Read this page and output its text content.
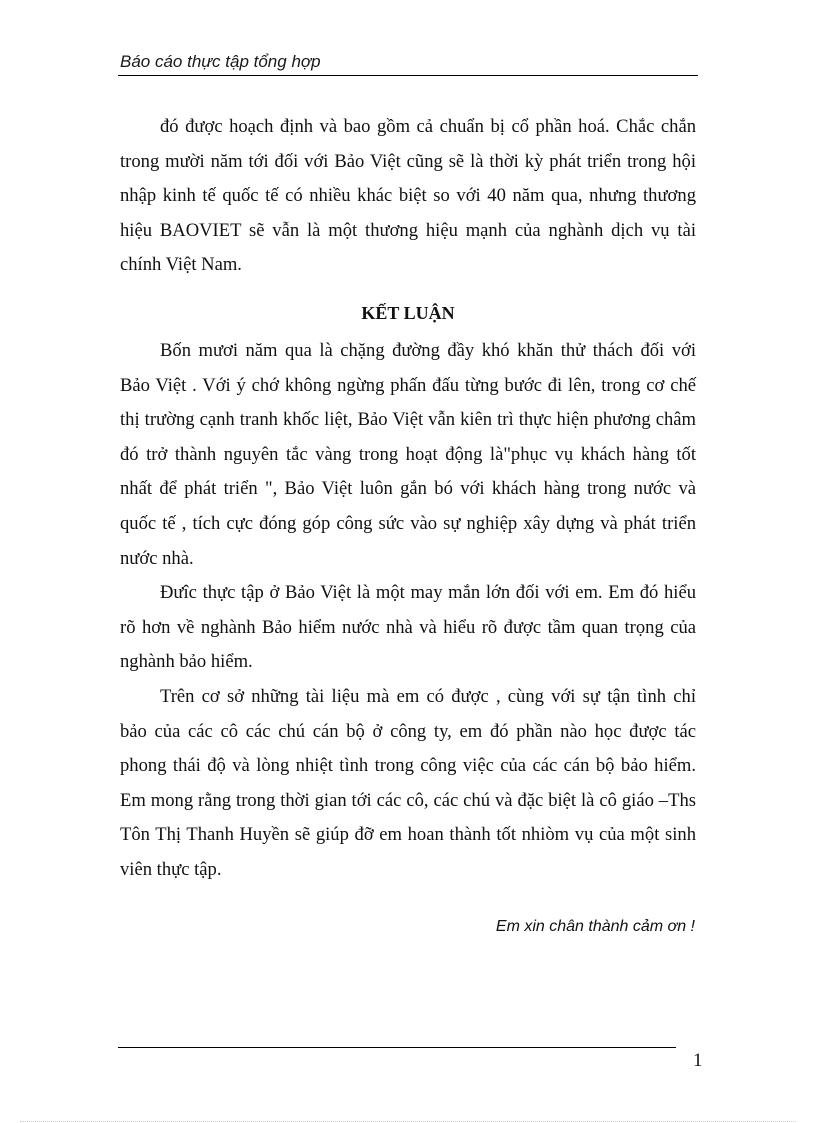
Báo cáo thực tập tổng hợp
đó được hoạch định và bao gồm cả chuẩn bị cổ phần hoá. Chắc chắn
trong mười năm tới đối với Bảo Việt cũng sẽ là thời kỳ phát triển trong hội
nhập kinh tế quốc tế có nhiều khác biệt so với 40 năm qua, nhưng thương
hiệu BAOVIET sẽ vẫn là một thương hiệu mạnh của nghành dịch vụ tài
chính Việt Nam.
KẾT LUẬN
Bốn mươi năm qua là chặng đường đầy khó khăn thử thách đối với
Bảo Việt . Với ý chớ không ngừng phấn đấu từng bước đi lên, trong cơ chế
thị trường cạnh tranh khốc liệt, Bảo Việt vẫn kiên trì thực hiện phương châm
đó trở thành nguyên tắc vàng trong hoạt động là"phục vụ khách hàng tốt
nhất để phát triển ", Bảo Việt luôn gắn bó với khách hàng trong nước và
quốc tế , tích cực đóng góp công sức vào sự nghiệp xây dựng và phát triển
nước nhà.
Đưîc thực tập ở Bảo Việt là một may mắn lớn đối với em. Em đó hiểu
rõ hơn về nghành Bảo hiểm nước nhà và hiểu rõ được tầm quan trọng của
nghành bảo hiểm.
Trên cơ sở những tài liệu mà em có được , cùng với sự tận tình chỉ
bảo của các cô các chú cán bộ ở công ty, em đó phần nào học được tác
phong thái độ và lòng nhiệt tình trong công việc của các cán bộ bảo hiểm.
Em mong rằng trong thời gian tới các cô, các chú và đặc biệt là cô giáo –Ths
Tôn Thị Thanh Huyền sẽ giúp đỡ em hoan thành tốt nhiòm vụ của một sinh
viên thực tập.
Em xin chân thành cảm ơn !
1
